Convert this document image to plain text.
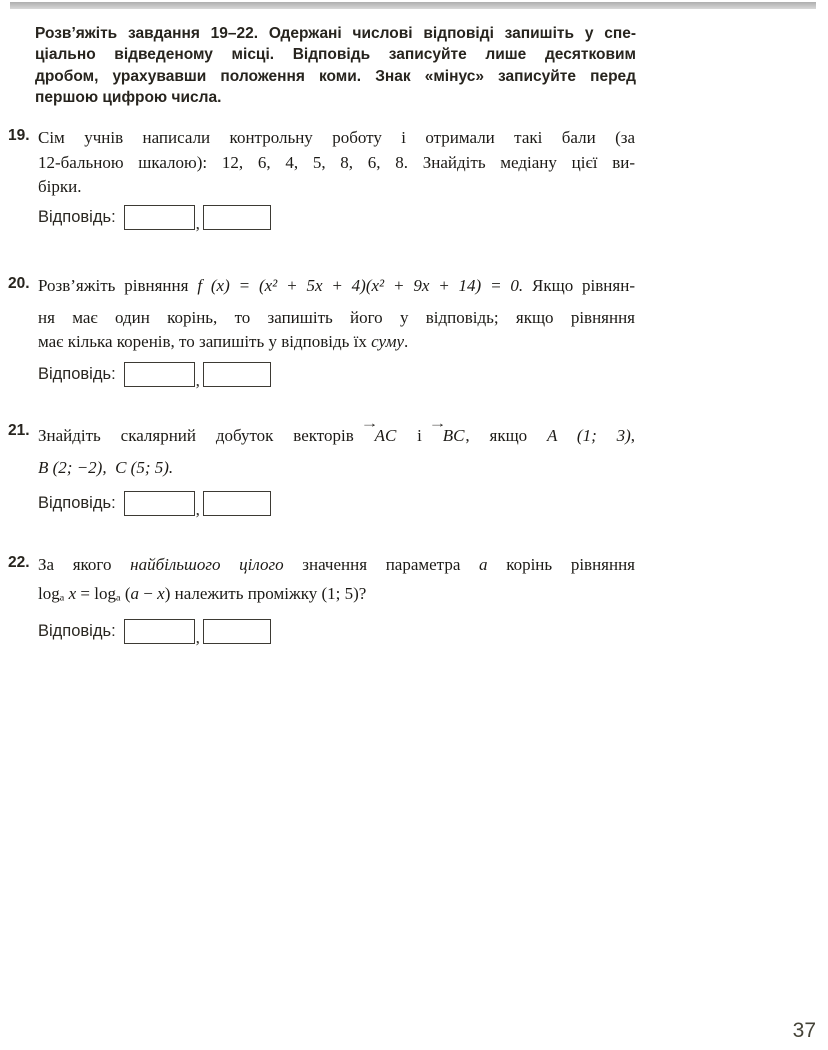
Розв’яжіть завдання 19–22. Одержані числові відповіді запишіть у спе-
ціально відведеному місці. Відповідь записуйте лише десятковим
дробом, урахувавши положення коми. Знак «мінус» записуйте перед
першою цифрою числа.
19. Сім учнів написали контрольну роботу і отримали такі бали (за
12-бальною шкалою): 12, 6, 4, 5, 8, 6, 8. Знайдіть медіану цієї ви-
бірки.
Відповідь:	,
20. Розв’яжіть рівняння f (x) = (x² + 5x + 4)(x² + 9x + 14) = 0. Якщо рівнян-
ня має один корінь, то запишіть його у відповідь; якщо рівняння
має кілька коренів, то запишіть у відповідь їх суму.
Відповідь:	,
21. Знайдіть скалярний добуток векторів
→
AC і
→
BC, якщо A (1; 3),
B (2; −2), C (5; 5).
Відповідь:	,
22. За якого найбільшого цілого значення параметра a корінь рівняння
logₐ x = logₐ (a − x) належить проміжку (1; 5)?
Відповідь:	,
37
